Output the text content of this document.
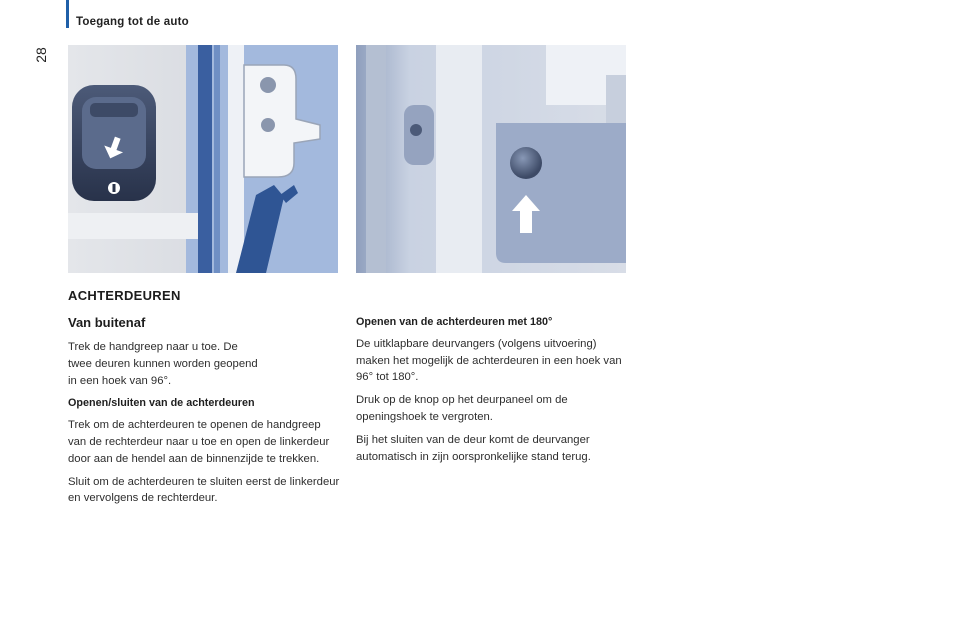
Toegang tot de auto
28
ACHTERDEUREN
Van buitenaf

Trek de handgreep naar u toe. De
twee deuren kunnen worden geopend
in een hoek van 96°.

Openen/sluiten van de achterdeuren

Trek om de achterdeuren te openen de handgreep van de rechterdeur naar u toe en open de linkerdeur door aan de hendel aan de binnenzijde te trekken.

Sluit om de achterdeuren te sluiten eerst de linkerdeur en vervolgens de rechterdeur.

Openen van de achterdeuren met 180°

De uitklapbare deurvangers (volgens uitvoering) maken het mogelijk de achterdeuren in een hoek van 96° tot 180°.

Druk op de knop op het deurpaneel om de openingshoek te vergroten.

Bij het sluiten van de deur komt de deurvanger automatisch in zijn oorspronkelijke stand terug.
